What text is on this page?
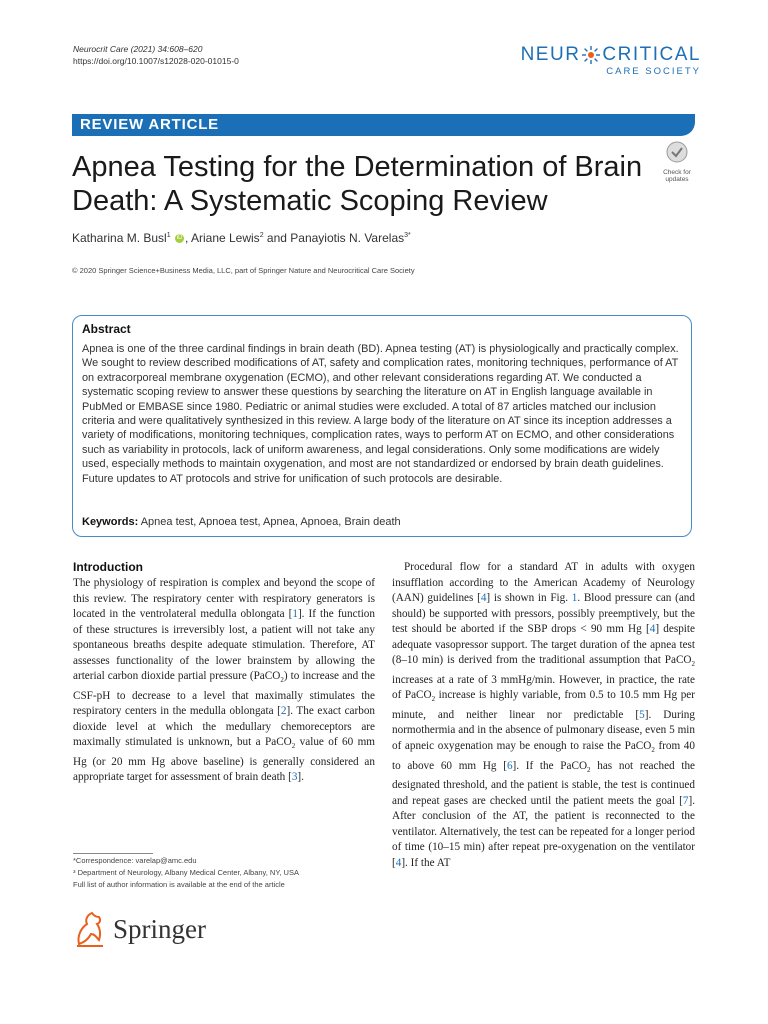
Neurocrit Care (2021) 34:608–620
https://doi.org/10.1007/s12028-020-01015-0	NEUR CRITICAL
CARE SOCIETY
REVIEW ARTICLE
Apnea Testing for the Determination of Brain Death: A Systematic Scoping Review
Check for
updates
Katharina M. Busl$^1$ iD , Ariane Lewis$^2$ and Panayiotis N. Varelas$^{3*}$
© 2020 Springer Science+Business Media, LLC, part of Springer Nature and Neurocritical Care Society
Abstract
Apnea is one of the three cardinal findings in brain death (BD). Apnea testing (AT) is physiologically and practically complex. We sought to review described modifications of AT, safety and complication rates, monitoring techniques, performance of AT on extracorporeal membrane oxygenation (ECMO), and other relevant considerations regarding AT. We conducted a systematic scoping review to answer these questions by searching the literature on AT in English language available in PubMed or EMBASE since 1980. Pediatric or animal studies were excluded. A total of 87 articles matched our inclusion criteria and were qualitatively synthesized in this review. A large body of the literature on AT since its inception addresses a variety of modifications, monitoring techniques, complication rates, ways to perform AT on ECMO, and other considerations such as variability in protocols, lack of uniform awareness, and legal considerations. Only some modifications are widely used, especially methods to maintain oxygenation, and most are not standardized or endorsed by brain death guidelines. Future updates to AT protocols and strive for unification of such protocols are desirable.
Keywords: Apnea test, Apnoea test, Apnea, Apnoea, Brain death
Introduction
The physiology of respiration is complex and beyond the scope of this review. The respiratory center with respiratory generators is located in the ventrolateral medulla oblongata [1]. If the function of these structures is irreversibly lost, a patient will not take any spontaneous breaths despite adequate stimulation. Therefore, AT assesses functionality of the lower brainstem by allowing the arterial carbon dioxide partial pressure (PaCO$_2$) to increase and the CSF-pH to decrease to a level that maximally stimulates the respiratory centers in the medulla oblongata [2]. The exact carbon dioxide level at which the medullary chemoreceptors are maximally stimulated is unknown, but a PaCO$_2$ value of 60 mm Hg (or 20 mm Hg above baseline) is generally considered an appropriate target for assessment of brain death [3].
Procedural flow for a standard AT in adults with oxygen insufflation according to the American Academy of Neurology (AAN) guidelines [4] is shown in Fig. 1. Blood pressure can (and should) be supported with pressors, possibly preemptively, but the test should be aborted if the SBP drops < 90 mm Hg [4] despite adequate vasopressor support. The target duration of the apnea test (8–10 min) is derived from the traditional assumption that PaCO$_2$ increases at a rate of 3 mmHg/min. However, in practice, the rate of PaCO$_2$ increase is highly variable, from 0.5 to 10.5 mm Hg per minute, and neither linear nor predictable [5]. During normothermia and in the absence of pulmonary disease, even 5 min of apneic oxygenation may be enough to raise the PaCO$_2$ from 40 to above 60 mm Hg [6]. If the PaCO$_2$ has not reached the designated threshold, and the patient is stable, the test is continued and repeat gases are checked until the patient meets the goal [7]. After conclusion of the AT, the patient is reconnected to the ventilator. Alternatively, the test can be repeated for a longer period of time (10–15 min) after repeat pre-oxygenation on the ventilator [4]. If the AT
*Correspondence: varelap@amc.edu
³ Department of Neurology, Albany Medical Center, Albany, NY, USA
Full list of author information is available at the end of the article
Springer
